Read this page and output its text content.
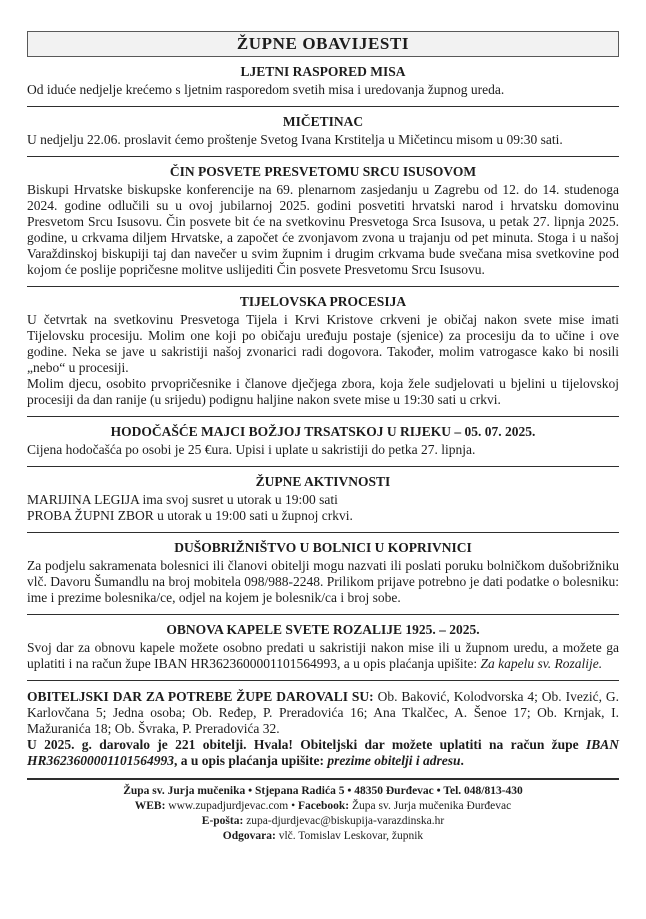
ŽUPNE OBAVIJESTI
LJETNI RASPORED MISA

Od iduće nedjelje krećemo s ljetnim rasporedom svetih misa i uredovanja župnog ureda.

MIČETINAC

U nedjelju 22.06. proslavit ćemo proštenje Svetog Ivana Krstitelja u Mičetincu misom u 09:30 sati.

ČIN POSVETE PRESVETOMU SRCU ISUSOVOM

Biskupi Hrvatske biskupske konferencije na 69. plenarnom zasjedanju u Zagrebu od 12. do 14. studenoga 2024. godine odlučili su u ovoj jubilarnoj 2025. godini posvetiti hrvatski narod i hrvatsku domovinu Presvetom Srcu Isusovu. Čin posvete bit će na svetkovinu Presvetoga Srca Isusova, u petak 27. lipnja 2025. godine, u crkvama diljem Hrvatske, a započet će zvonjavom zvona u trajanju od pet minuta. Stoga i u našoj Varaždinskoj biskupiji taj dan navečer u svim župnim i drugim crkvama bude svečana misa svetkovine pod kojom će poslije popričesne molitve uslijediti Čin posvete Presvetomu Srcu Isusovu.

TIJELOVSKA PROCESIJA

U četvrtak na svetkovinu Presvetoga Tijela i Krvi Kristove crkveni je običaj nakon svete mise imati Tijelovsku procesiju. Molim one koji po običaju uređuju postaje (sjenice) za procesiju da to učine i ove godine. Neka se jave u sakristiji našoj zvonarici radi dogovora. Također, molim vatrogasce kako bi nosili „nebo“ u procesiji.

Molim djecu, osobito prvopričesnike i članove dječjega zbora, koja žele sudjelovati u bjelini u tijelovskoj procesiji da dan ranije (u srijedu) podignu haljine nakon svete mise u 19:30 sati u crkvi.

HODOČAŠĆE MAJCI BOŽJOJ TRSATSKOJ U RIJEKU – 05. 07. 2025.

Cijena hodočašća po osobi je 25 €ura. Upisi i uplate u sakristiji do petka 27. lipnja.

ŽUPNE AKTIVNOSTI

MARIJINA LEGIJA ima svoj susret u utorak u 19:00 sati

PROBA ŽUPNI ZBOR u utorak u 19:00 sati u župnoj crkvi.

DUŠOBRIŽNIŠTVO U BOLNICI U KOPRIVNICI

Za podjelu sakramenata bolesnici ili članovi obitelji mogu nazvati ili poslati poruku bolničkom dušobrižniku vlč. Davoru Šumandlu na broj mobitela 098/988-2248. Prilikom prijave potrebno je dati podatke o bolesniku: ime i prezime bolesnika/ce, odjel na kojem je bolesnik/ca i broj sobe.

OBNOVA KAPELE SVETE ROZALIJE 1925. – 2025.

Svoj dar za obnovu kapele možete osobno predati u sakristiji nakon mise ili u župnom uredu, a možete ga uplatiti i na račun župe IBAN HR3623600001101564993, a u opis plaćanja upišite: Za kapelu sv. Rozalije.

OBITELJSKI DAR ZA POTREBE ŽUPE DAROVALI SU: Ob. Baković, Kolodvorska 4; Ob. Ivezić, G. Karlovčana 5; Jedna osoba; Ob. Ređep, P. Preradovića 16; Ana Tkalčec, A. Šenoe 17; Ob. Krnjak, I. Mažuranića 18; Ob. Švraka, P. Preradovića 32.

U 2025. g. darovalo je 221 obitelji. Hvala! Obiteljski dar možete uplatiti na račun župe IBAN HR3623600001101564993, a u opis plaćanja upišite: prezime obitelji i adresu.

Župa sv. Jurja mučenika • Stjepana Radića 5 • 48350 Đurđevac • Tel. 048/813-430

WEB: www.zupadjurdjevac.com • Facebook: Župa sv. Jurja mučenika Đurđevac

E-pošta: zupa-djurdjevac@biskupija-varazdinska.hr

Odgovara: vlč. Tomislav Leskovar, župnik
